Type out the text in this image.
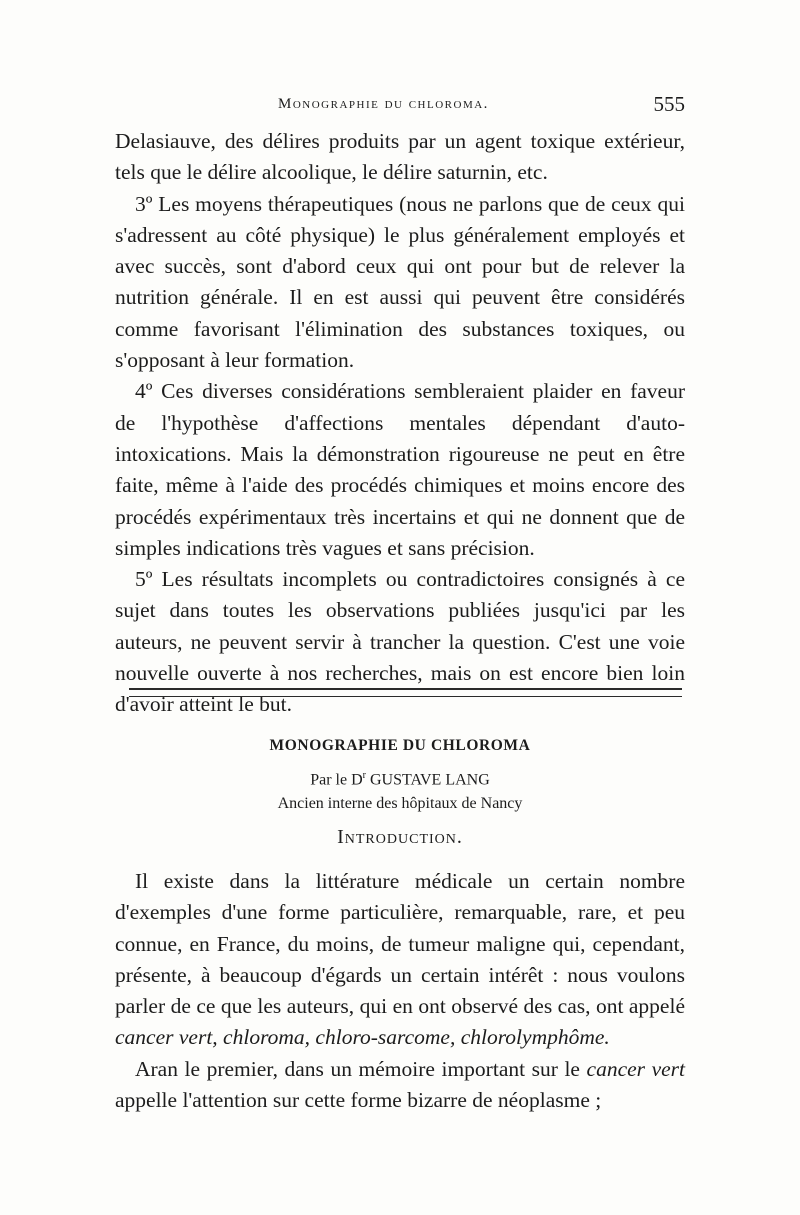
Monographie du chloroma.	555

Delasiauve, des délires produits par un agent toxique extérieur, tels que le délire alcoolique, le délire saturnin, etc.

3º Les moyens thérapeutiques (nous ne parlons que de ceux qui s'adressent au côté physique) le plus généralement employés et avec succès, sont d'abord ceux qui ont pour but de relever la nutrition générale. Il en est aussi qui peuvent être considérés comme favorisant l'élimination des substances toxiques, ou s'opposant à leur formation.

4º Ces diverses considérations sembleraient plaider en faveur de l'hypothèse d'affections mentales dépendant d'auto-intoxications. Mais la démonstration rigoureuse ne peut en être faite, même à l'aide des procédés chimiques et moins encore des procédés expérimentaux très incertains et qui ne donnent que de simples indications très vagues et sans précision.

5º Les résultats incomplets ou contradictoires consignés à ce sujet dans toutes les observations publiées jusqu'ici par les auteurs, ne peuvent servir à trancher la question. C'est une voie nouvelle ouverte à nos recherches, mais on est encore bien loin d'avoir atteint le but.

MONOGRAPHIE DU CHLOROMA
Par le $D^r$ GUSTAVE LANG
Ancien interne des hôpitaux de Nancy
Introduction.

Il existe dans la littérature médicale un certain nombre d'exemples d'une forme particulière, remarquable, rare, et peu connue, en France, du moins, de tumeur maligne qui, cependant, présente, à beaucoup d'égards un certain intérêt : nous voulons parler de ce que les auteurs, qui en ont observé des cas, ont appelé cancer vert, chloroma, chloro-sarcome, chlorolymphôme.

Aran le premier, dans un mémoire important sur le cancer vert appelle l'attention sur cette forme bizarre de néoplasme ;
